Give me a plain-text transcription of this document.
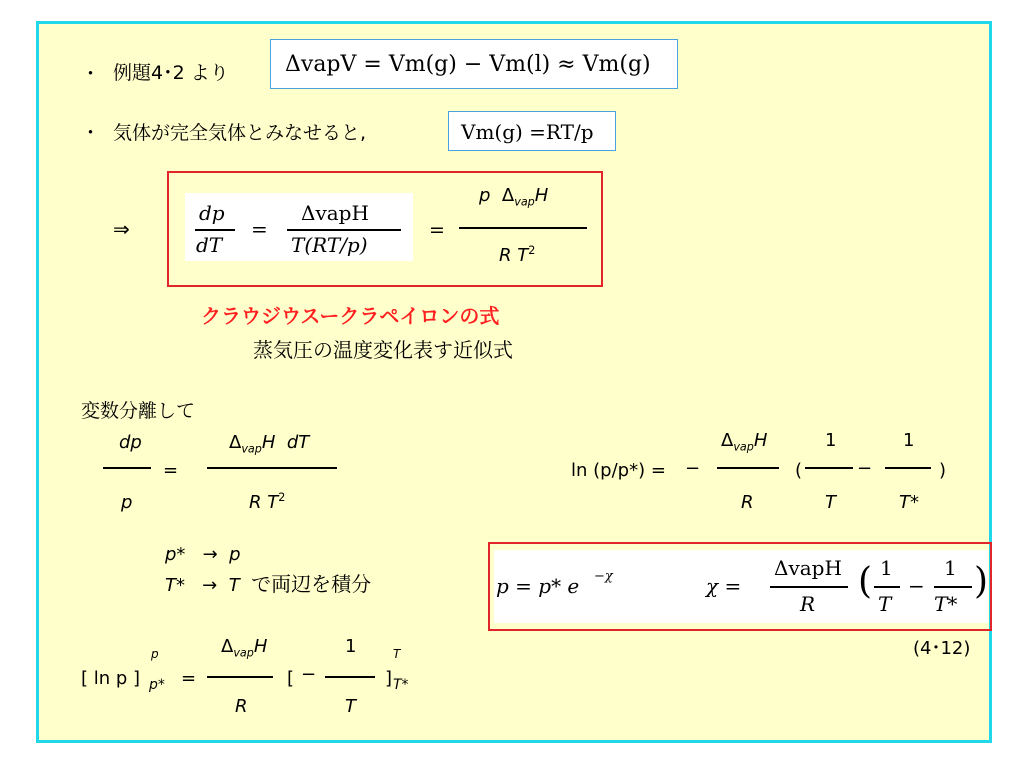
・ 例題4･2 より	ΔvapV = Vm(g) − Vm(l) ≈ Vm(g)
・ 気体が完全気体とみなせると,	Vm(g) =RT/p
⇒
dp
dT
=
ΔvapH
T(RT/p)
=
p $\Delta_{vap}H$
R $T^2$
クラウジウスークラペイロンの式
蒸気圧の温度変化表す近似式
変数分離して
dp
p
=
$\Delta_{vap}H$ dT
R $T^2$
p* → p
T* → T で両辺を積分
[ ln p ]
p
p* =
$\Delta_{vap}H$
R
[ −
1
T
]
T
T*
ln (p/p*) = −
$\Delta_{vap}H$
R
(
1
T
−
1
T*
)
p = p* e −χ	χ =
ΔvapH
R
( 1
T
−
1
T*
)
(4･12)
